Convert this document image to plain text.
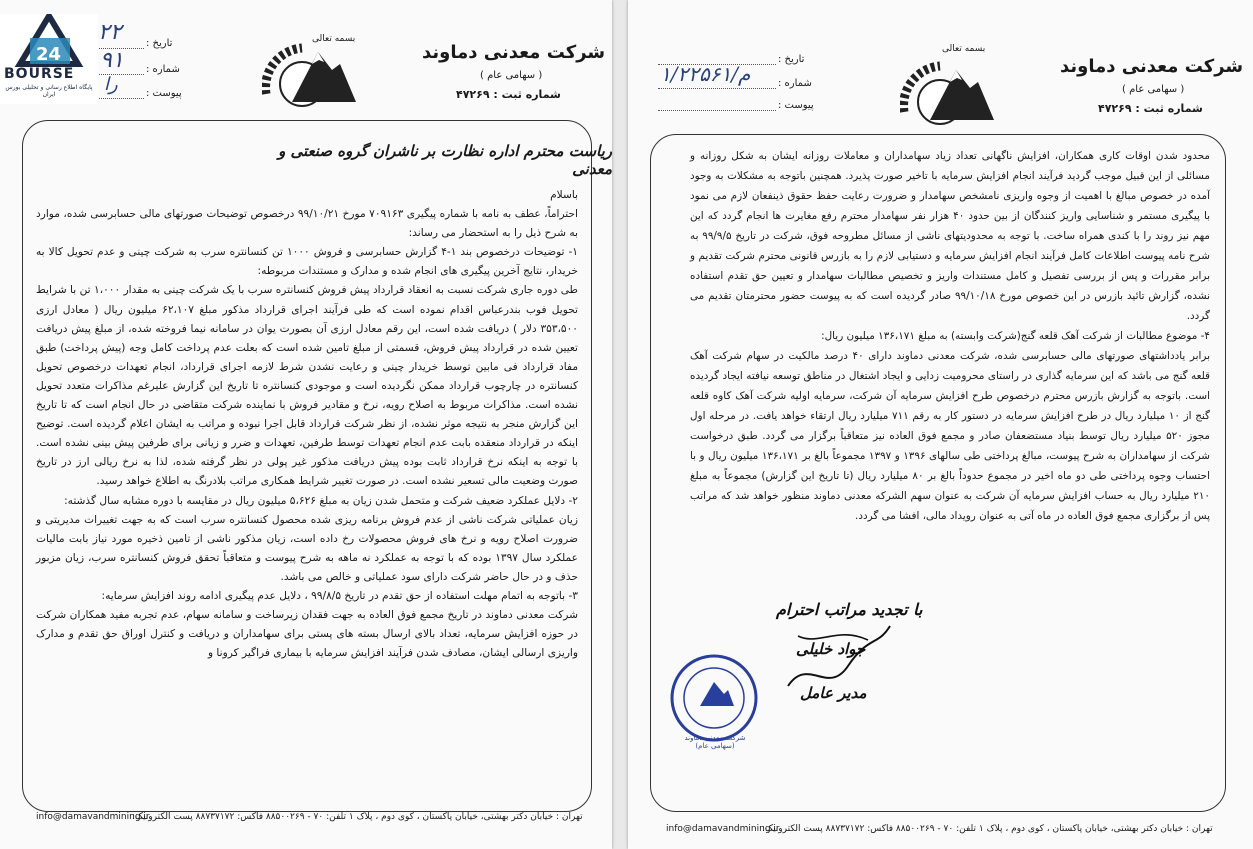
بسمه تعالی
شرکت معدنی دماوند
( سهامی عام )
شماره ثبت : ۴۷۲۶۹
تاریخ :
۲۲
شماره :
۹۱
پیوست :
را
ریاست محترم اداره نظارت بر ناشران گروه صنعتی و معدنی
باسلام
احتراماً، عطف به نامه با شماره پیگیری ۷۰۹۱۶۳ مورخ ۹۹/۱۰/۲۱ درخصوص توضیحات صورتهای مالی حسابرسی شده، موارد به شرح ذیل را به استحضار می رساند:
۱- توضیحات درخصوص بند ۱-۴ گزارش حسابرسی و فروش ۱۰۰۰ تن کنسانتره سرب به شرکت چینی و عدم تحویل کالا به خریدار، نتایج آخرین پیگیری های انجام شده و مدارک و مستندات مربوطه:
طی دوره جاری شرکت نسبت به انعقاد قرارداد پیش فروش کنسانتره سرب با یک شرکت چینی به مقدار ۱،۰۰۰ تن با شرایط تحویل فوب بندرعباس اقدام نموده است که طی فرآیند اجرای قرارداد مذکور مبلغ ۶۲،۱۰۷ میلیون ریال ( معادل ارزی ۳۵۳،۵۰۰ دلار ) دریافت شده است، این رقم معادل ارزی آن بصورت یوان در سامانه نیما فروخته شده، از مبلغ پیش دریافت تعیین شده در قرارداد پیش فروش، قسمتی از مبلغ تامین شده است که بعلت عدم پرداخت کامل وجه (پیش پرداخت) طبق مفاد قرارداد فی مابین توسط خریدار چینی و رعایت نشدن شرط لازمه اجرای قرارداد، انجام تعهدات درخصوص تحویل کنسانتره در چارچوب قرارداد ممکن نگردیده است و موجودی کنسانتره تا تاریخ این گزارش علیرغم مذاکرات متعدد تحویل نشده است. مذاکرات مربوط به اصلاح رویه، نرخ و مقادیر فروش با نماینده شرکت متقاضی در حال انجام است که تا تاریخ این گزارش منجر به نتیجه موثر نشده، از نظر شرکت قرارداد قابل اجرا نبوده و مراتب به ایشان اعلام گردیده است. توضیح اینکه در قرارداد منعقده بابت عدم انجام تعهدات توسط طرفین، تعهدات و ضرر و زیانی برای طرفین پیش بینی نشده است. با توجه به اینکه نرخ قرارداد ثابت بوده پیش دریافت مذکور غیر پولی در نظر گرفته شده، لذا به نرخ ریالی ارز در تاریخ صورت وضعیت مالی تسعیر نشده است. در صورت تغییر شرایط همکاری مراتب بلادرنگ به اطلاع خواهد رسید.
۲- دلایل عملکرد ضعیف شرکت و متحمل شدن زیان به مبلغ ۵،۶۲۶ میلیون ریال در مقایسه با دوره مشابه سال گذشته:
زیان عملیاتی شرکت ناشی از عدم فروش برنامه ریزی شده محصول کنسانتره سرب است که به جهت تغییرات مدیریتی و ضرورت اصلاح رویه و نرخ های فروش محصولات رخ داده است، زیان مذکور ناشی از تامین ذخیره مورد نیاز بابت مالیات عملکرد سال ۱۳۹۷ بوده که با توجه به عملکرد نه ماهه به شرح پیوست و متعاقباً تحقق فروش کنسانتره سرب، زیان مزبور حذف و در حال حاضر شرکت دارای سود عملیاتی و خالص می باشد.
۳- باتوجه به اتمام مهلت استفاده از حق تقدم در تاریخ ۹۹/۸/۵ ، دلایل عدم پیگیری ادامه روند افزایش سرمایه:
شرکت معدنی دماوند در تاریخ مجمع فوق العاده به جهت فقدان زیرساخت و سامانه سهام، عدم تجربه مفید همکاران شرکت در حوزه افزایش سرمایه، تعداد بالای ارسال بسته های پستی برای سهامداران و دریافت و کنترل اوراق حق تقدم و مدارک واریزی ارسالی ایشان، مصادف شدن فرآیند افزایش سرمایه با بیماری فراگیر کرونا و
info@damavandmining.ir
تهران : خیابان دکتر بهشتی، خیابان پاکستان ، کوی دوم ، پلاک ۱ تلفن: ۷۰ - ۸۸۵۰۰۲۶۹ فاکس: ۸۸۷۳۷۱۷۲ پست الکترونیک:
24
BOURSE
پایگاه اطلاع رسانی و تحلیلی بورس ایران
بسمه تعالی
شرکت معدنی دماوند
( سهامی عام )
شماره ثبت : ۴۷۲۶۹
تاریخ :
شماره :
۱/م/۲۲۵۶۱
پیوست :
محدود شدن اوقات کاری همکاران، افزایش ناگهانی تعداد زیاد سهامداران و معاملات روزانه ایشان به شکل روزانه و مسائلی از این قبیل موجب گردید فرآیند انجام افزایش سرمایه با تاخیر صورت پذیرد. همچنین باتوجه به مشکلات به وجود آمده در خصوص مبالغ با اهمیت از وجوه واریزی نامشخص سهامدار و ضرورت رعایت حفظ حقوق ذینفعان لازم می نمود با پیگیری مستمر و شناسایی واریز کنندگان از بین حدود ۴۰ هزار نفر سهامدار محترم رفع مغایرت ها انجام گردد که این مهم نیز روند را با کندی همراه ساخت. با توجه به محدودیتهای ناشی از مسائل مطروحه فوق، شرکت در تاریخ ۹۹/۹/۵ به شرح نامه پیوست اطلاعات کامل فرآیند انجام افزایش سرمایه و دستیابی لازم را به بازرس قانونی محترم شرکت تقدیم و برابر مقررات و پس از بررسی تفصیل و کامل مستندات واریز و تخصیص مطالبات سهامدار و تعیین حق تقدم استفاده نشده، گزارش تائید بازرس در این خصوص مورخ ۹۹/۱۰/۱۸ صادر گردیده است که به پیوست حضور محترمتان تقدیم می گردد.
۴- موضوع مطالبات از شرکت آهک قلعه گنج(شرکت وابسته) به مبلغ ۱۳۶،۱۷۱ میلیون ریال:
برابر یادداشتهای صورتهای مالی حسابرسی شده، شرکت معدنی دماوند دارای ۴۰ درصد مالکیت در سهام شرکت آهک قلعه گنج می باشد که این سرمایه گذاری در راستای محرومیت زدایی و ایجاد اشتغال در مناطق توسعه نیافته ایجاد گردیده است. باتوجه به گزارش بازرس محترم درخصوص طرح افزایش سرمایه آن شرکت، سرمایه اولیه شرکت آهک کاوه قلعه گنج از ۱۰ میلیارد ریال در طرح افزایش سرمایه در دستور کار به رقم ۷۱۱ میلیارد ریال ارتقاء خواهد یافت. در مرحله اول مجوز ۵۲۰ میلیارد ریال توسط بنیاد مستضعفان صادر و مجمع فوق العاده نیز متعاقباً برگزار می گردد. طبق درخواست شرکت از سهامداران به شرح پیوست، مبالغ پرداختی طی سالهای ۱۳۹۶ و ۱۳۹۷ مجموعاً بالغ بر ۱۳۶،۱۷۱ میلیون ریال و با احتساب وجوه پرداختی طی دو ماه اخیر در مجموع حدوداً بالغ بر ۸۰ میلیارد ریال (تا تاریخ این گزارش) مجموعاً به مبلغ ۲۱۰ میلیارد ریال به حساب افزایش سرمایه آن شرکت به عنوان سهم الشرکه معدنی دماوند منظور خواهد شد که مراتب پس از برگزاری مجمع فوق العاده در ماه آتی به عنوان رویداد مالی، افشا می گردد.
با تجدید مراتب احترام
جواد خلیلی
مدیر عامل
شرکت معدنی دماوند (سهامی عام)
info@damavandmining.ir
تهران : خیابان دکتر بهشتی، خیابان پاکستان ، کوی دوم ، پلاک ۱ تلفن: ۷۰ - ۸۸۵۰۰۲۶۹ فاکس: ۸۸۷۳۷۱۷۲ پست الکترونیک:
